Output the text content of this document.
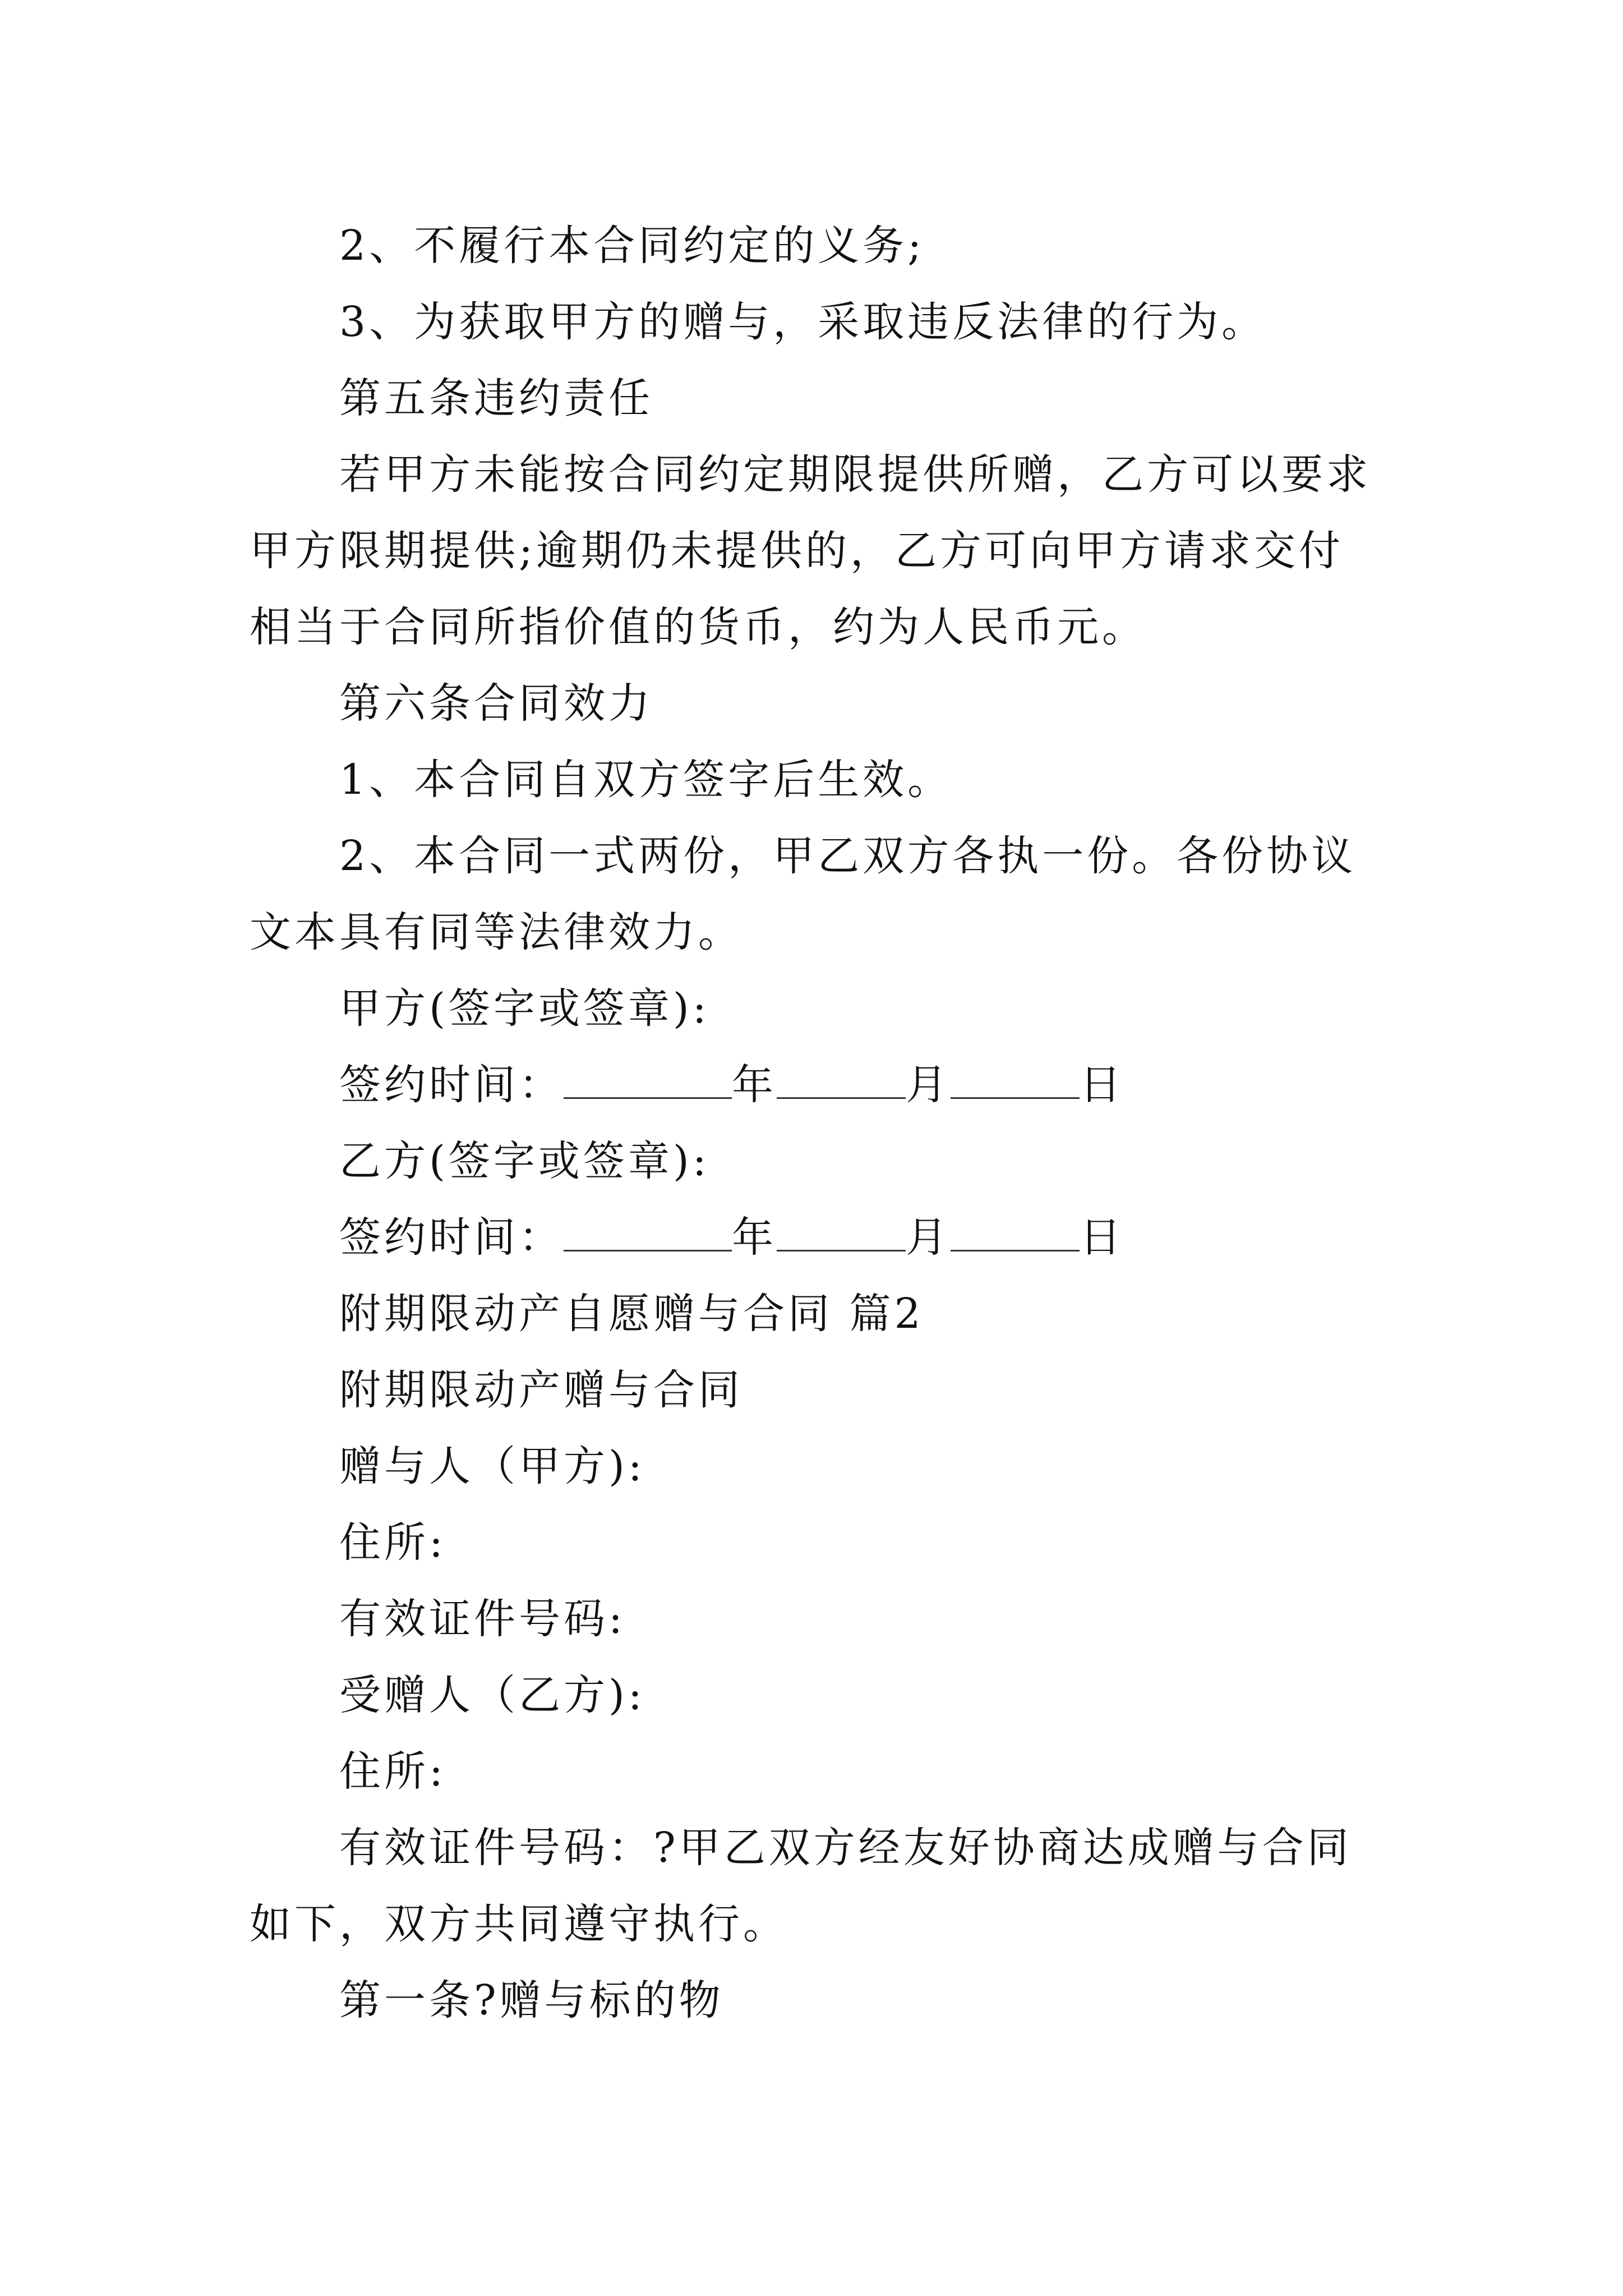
2、不履行本合同约定的义务;

3、为获取甲方的赠与，采取违反法律的行为。

第五条违约责任

若甲方未能按合同约定期限提供所赠，乙方可以要求甲方限期提供;逾期仍未提供的，乙方可向甲方请求交付相当于合同所指价值的货币，约为人民币元。

第六条合同效力

1、本合同自双方签字后生效。

2、本合同一式两份，甲乙双方各执一份。各份协议文本具有同等法律效力。

甲方(签字或签章):

签约时间：	年	月	日

乙方(签字或签章):

签约时间：	年	月	日

附期限动产自愿赠与合同 篇2

附期限动产赠与合同

赠与人（甲方):

住所:

有效证件号码:

受赠人（乙方):

住所:

有效证件号码：?甲乙双方经友好协商达成赠与合同如下，双方共同遵守执行。

第一条?赠与标的物
